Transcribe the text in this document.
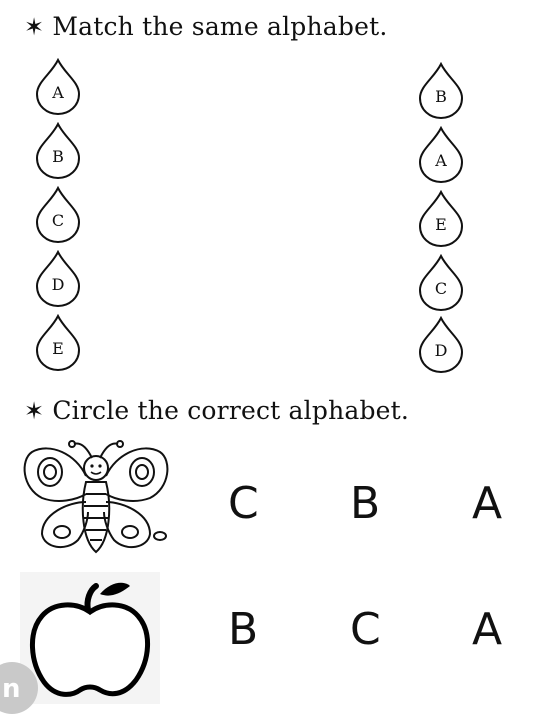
✶ Match the same alphabet.
A
B
C
D
E
B
A
E
C
D
✶ Circle the correct alphabet.
C B A
B C A
n
